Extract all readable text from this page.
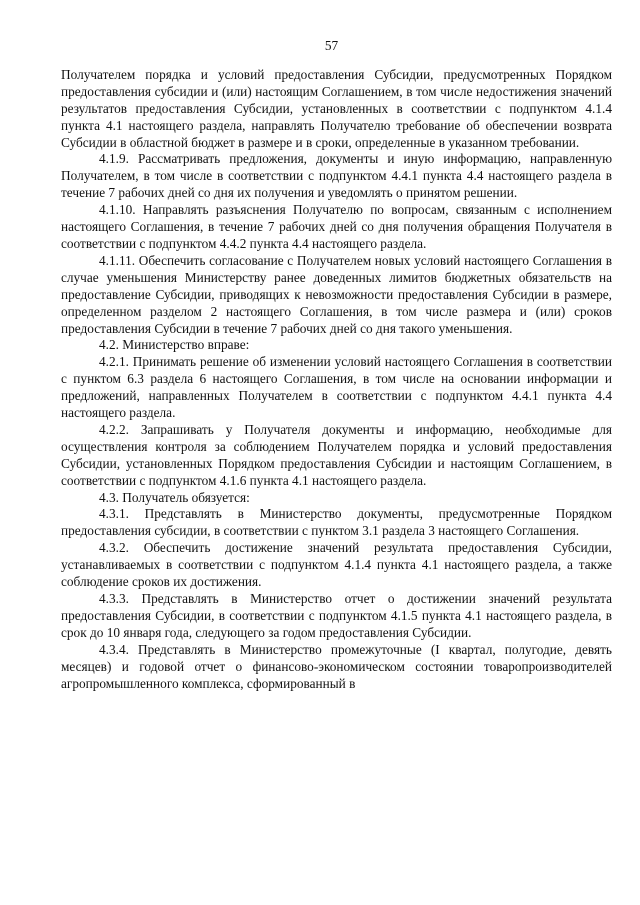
57

Получателем порядка и условий предоставления Субсидии, предусмотренных Порядком предоставления субсидии и (или) настоящим Соглашением, в том числе недостижения значений результатов предоставления Субсидии, установленных в соответствии с подпунктом 4.1.4 пункта 4.1 настоящего раздела, направлять Получателю требование об обеспечении возврата Субсидии в областной бюджет в размере и в сроки, определенные в указанном требовании.

4.1.9. Рассматривать предложения, документы и иную информацию, направленную Получателем, в том числе в соответствии с подпунктом 4.4.1 пункта 4.4 настоящего раздела в течение 7 рабочих дней со дня их получения и уведомлять о принятом решении.

4.1.10. Направлять разъяснения Получателю по вопросам, связанным с исполнением настоящего Соглашения, в течение 7 рабочих дней со дня получения обращения Получателя в соответствии с подпунктом 4.4.2 пункта 4.4 настоящего раздела.

4.1.11. Обеспечить согласование с Получателем новых условий настоящего Соглашения в случае уменьшения Министерству ранее доведенных лимитов бюджетных обязательств на предоставление Субсидии, приводящих к невозможности предоставления Субсидии в размере, определенном разделом 2 настоящего Соглашения, в том числе размера и (или) сроков предоставления Субсидии в течение 7 рабочих дней со дня такого уменьшения.

4.2. Министерство вправе:

4.2.1. Принимать решение об изменении условий настоящего Соглашения в соответствии с пунктом 6.3 раздела 6 настоящего Соглашения, в том числе на основании информации и предложений, направленных Получателем в соответствии с подпунктом 4.4.1 пункта 4.4 настоящего раздела.

4.2.2. Запрашивать у Получателя документы и информацию, необходимые для осуществления контроля за соблюдением Получателем порядка и условий предоставления Субсидии, установленных Порядком предоставления Субсидии и настоящим Соглашением, в соответствии с подпунктом 4.1.6 пункта 4.1 настоящего раздела.

4.3. Получатель обязуется:

4.3.1. Представлять в Министерство документы, предусмотренные Порядком предоставления субсидии, в соответствии с пунктом 3.1 раздела 3 настоящего Соглашения.

4.3.2. Обеспечить достижение значений результата предоставления Субсидии, устанавливаемых в соответствии с подпунктом 4.1.4 пункта 4.1 настоящего раздела, а также соблюдение сроков их достижения.

4.3.3. Представлять в Министерство отчет о достижении значений результата предоставления Субсидии, в соответствии с подпунктом 4.1.5 пункта 4.1 настоящего раздела, в срок до 10 января года, следующего за годом предоставления Субсидии.

4.3.4. Представлять в Министерство промежуточные (I квартал, полугодие, девять месяцев) и годовой отчет о финансово-экономическом состоянии товаропроизводителей агропромышленного комплекса, сформированный в
